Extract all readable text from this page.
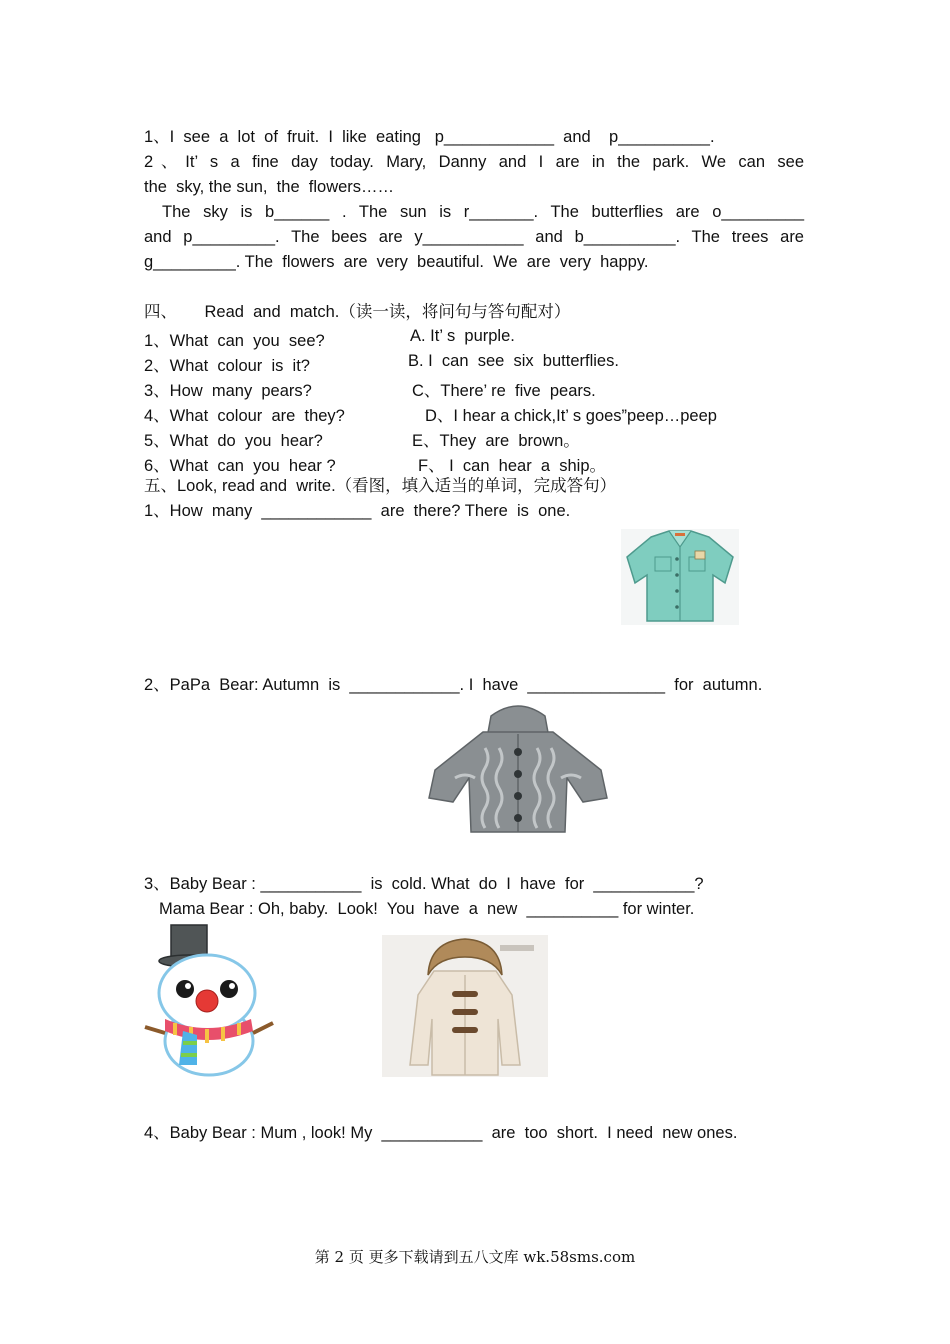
1、I  see  a  lot  of  fruit.  I  like  eating   p____________  and    p__________.
2、It’ s a fine day today. Mary, Danny and I are in the park. We can see
the  sky, the sun,  the  flowers……
The sky is b______ . The sun is r_______. The butterflies are o_________
and p_________. The bees are y___________ and b__________. The trees are
g_________. The  flowers  are  very  beautiful.  We  are  very  happy.
四、      Read  and  match.（读一读，将问句与答句配对）
1、What  can  you  see?
2、What  colour  is  it?
3、How  many  pears?
4、What  colour  are  they?
5、What  do  you  hear?
6、What  can  you  hear ?
A. It’ s  purple.
B. I  can  see  six  butterflies.
C、There’ re  five  pears.
D、I hear a chick,It’ s goes”peep…peep
E、They  are  brown。
F、 I  can  hear  a  ship。
五、Look, read and  write.（看图，填入适当的单词，完成答句）
1、How  many  ____________  are  there? There  is  one.
2、PaPa  Bear: Autumn  is  ____________. I  have  _______________  for  autumn.
3、Baby Bear : ___________  is  cold. What  do  I  have  for  ___________?
Mama Bear : Oh, baby.  Look!  You  have  a  new  __________ for winter.
4、Baby Bear : Mum , look! My  ___________  are  too  short.  I need  new ones.
第 2 页 更多下载请到五八文库 wk.58sms.com
